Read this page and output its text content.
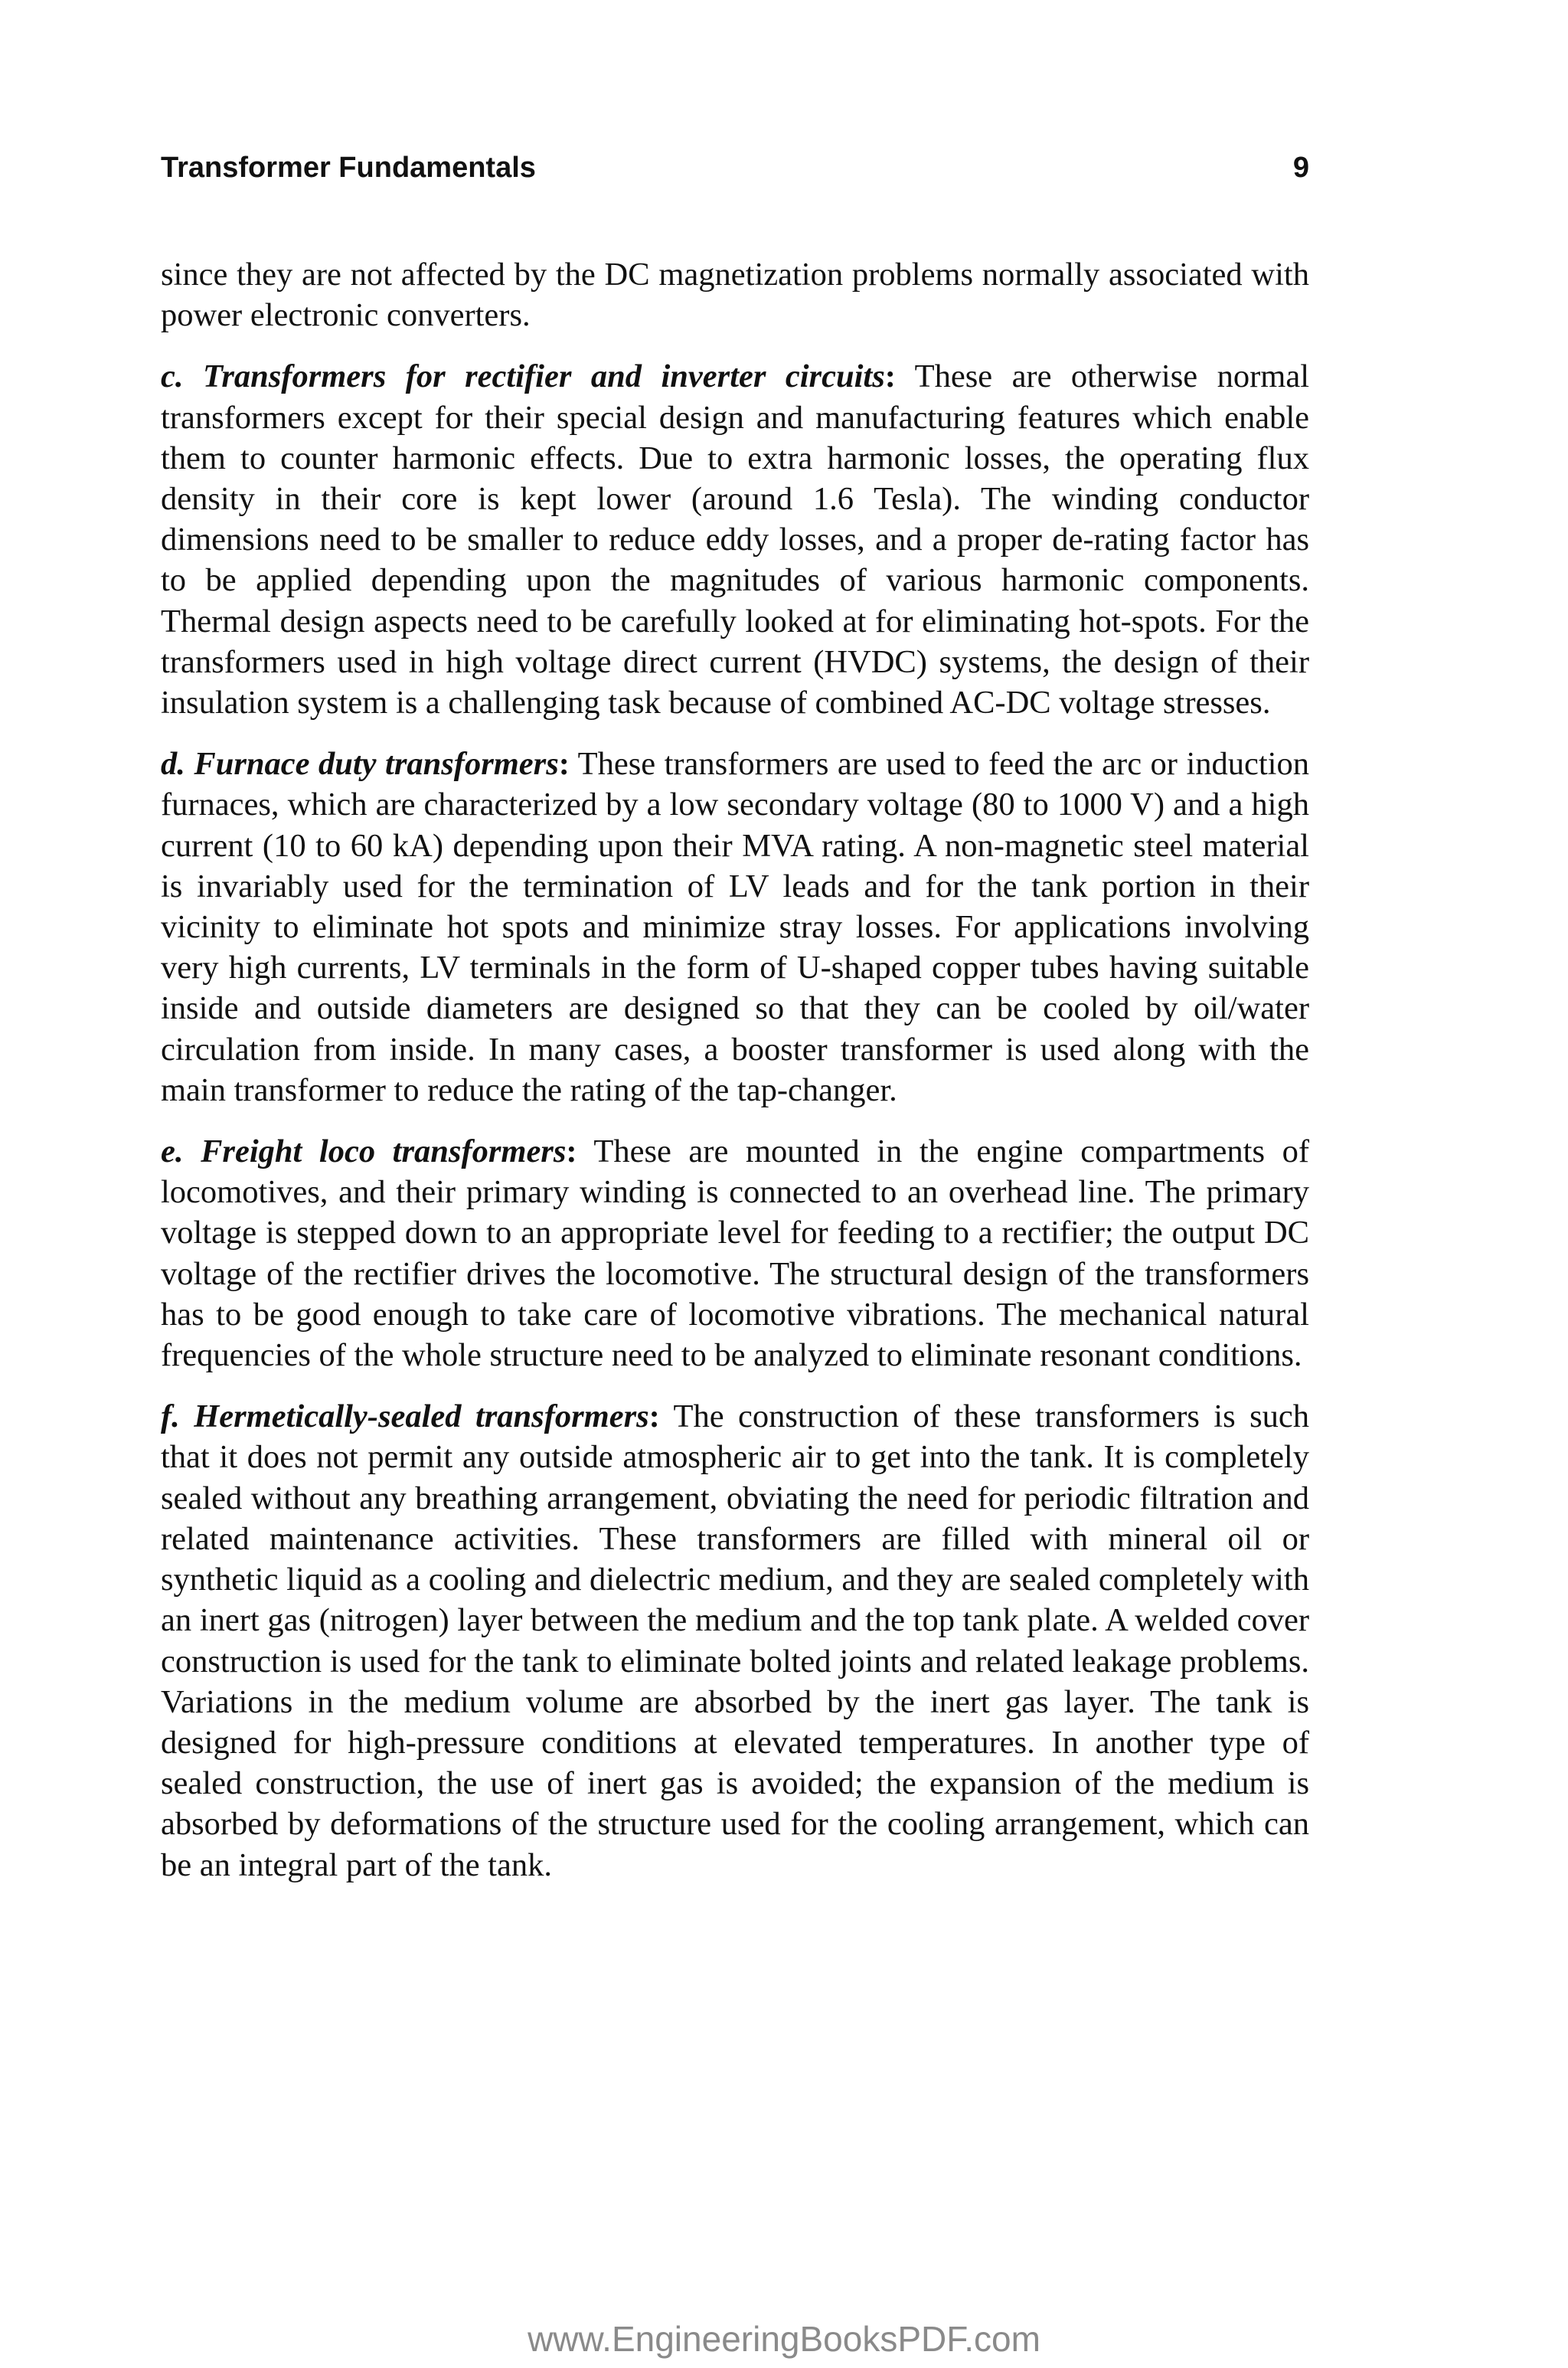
Transformer Fundamentals	9

since they are not affected by the DC magnetization problems normally associated with power electronic converters.

c. Transformers for rectifier and inverter circuits: These are otherwise normal transformers except for their special design and manufacturing features which enable them to counter harmonic effects. Due to extra harmonic losses, the operating flux density in their core is kept lower (around 1.6 Tesla). The winding conductor dimensions need to be smaller to reduce eddy losses, and a proper de-rating factor has to be applied depending upon the magnitudes of various harmonic components. Thermal design aspects need to be carefully looked at for eliminating hot-spots. For the transformers used in high voltage direct current (HVDC) systems, the design of their insulation system is a challenging task because of combined AC-DC voltage stresses.

d. Furnace duty transformers: These transformers are used to feed the arc or induction furnaces, which are characterized by a low secondary voltage (80 to 1000 V) and a high current (10 to 60 kA) depending upon their MVA rating. A non-magnetic steel material is invariably used for the termination of LV leads and for the tank portion in their vicinity to eliminate hot spots and minimize stray losses. For applications involving very high currents, LV terminals in the form of U-shaped copper tubes having suitable inside and outside diameters are designed so that they can be cooled by oil/water circulation from inside. In many cases, a booster transformer is used along with the main transformer to reduce the rating of the tap-changer.

e. Freight loco transformers: These are mounted in the engine compartments of locomotives, and their primary winding is connected to an overhead line. The primary voltage is stepped down to an appropriate level for feeding to a rectifier; the output DC voltage of the rectifier drives the locomotive. The structural design of the transformers has to be good enough to take care of locomotive vibrations. The mechanical natural frequencies of the whole structure need to be analyzed to eliminate resonant conditions.

f. Hermetically-sealed transformers: The construction of these transformers is such that it does not permit any outside atmospheric air to get into the tank. It is completely sealed without any breathing arrangement, obviating the need for periodic filtration and related maintenance activities. These transformers are filled with mineral oil or synthetic liquid as a cooling and dielectric medium, and they are sealed completely with an inert gas (nitrogen) layer between the medium and the top tank plate. A welded cover construction is used for the tank to eliminate bolted joints and related leakage problems. Variations in the medium volume are absorbed by the inert gas layer. The tank is designed for high-pressure conditions at elevated temperatures. In another type of sealed construction, the use of inert gas is avoided; the expansion of the medium is absorbed by deformations of the structure used for the cooling arrangement, which can be an integral part of the tank.

www.EngineeringBooksPDF.com
